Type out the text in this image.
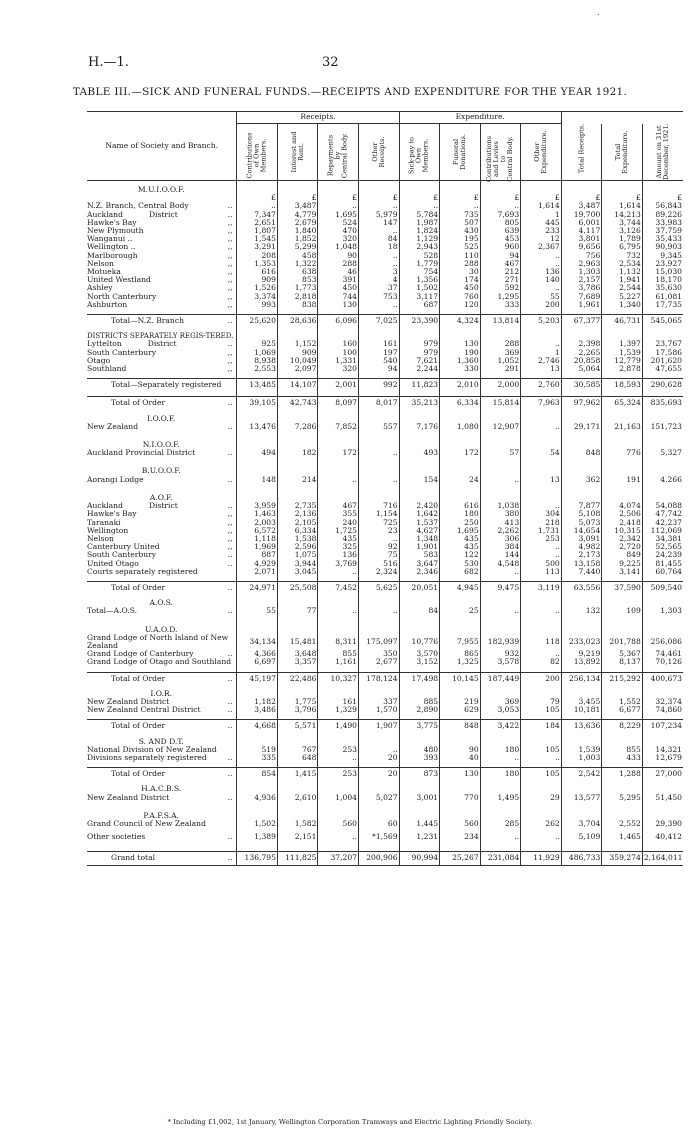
.
H.—1.	32
TABLE III.—SICK AND FUNERAL FUNDS.—RECEIPTS AND EXPENDITURE FOR THE YEAR 1921.
Name of Society and Branch.	Receipts.				Expenditure.						

	Contributions
of Own
Members.	Interest and
Rent.	Repayments
by
Central Body.	Other
Receipts.	Sick-pay to
Own
Members.	Funeral
Donations.	Contributions
and Levies
to
Central Body.	Other
Expenditure.	Total Receipts.	Total
Expenditure.	Amount on 31st
December, 1921.

M.U.I.O.O.F.											
	£	£	£	£	£	£	£	£	£	£	£
N.Z. Branch, Central Body ..	..	3,487	..	..	..	..	..	1,614	3,487	1,614	56,843
Auckland District ..	7,347	4,779	1,695	5,979	5,784	735	7,693	1	19,700	14,213	89,226
Hawke's Bay ,,	2,651	2,679	524	147	1,987	507	805	445	6,001	3,744	33,983
New Plymouth ,,	1,807	1,840	470	..	1,824	430	639	233	4,117	3,126	37,759
Wanganui .. ,,	1,545	1,852	320	84	1,129	195	453	12	3,801	1,789	35,433
Wellington .. ,,	3,291	5,299	1,048	18	2,943	525	960	2,367	9,656	6,795	90,903
Marlborough ,,	208	458	90	..	528	110	94	..	756	732	9,345
Nelson ,,	1,353	1,322	288	..	1,779	288	467	..	2,963	2,534	23,927
Motueka ,,	616	638	46	3	754	30	212	136	1,303	1,132	15,030
United Westland ,,	909	853	391	4	1,356	174	271	140	2,157	1,941	18,170
Ashley ,,	1,526	1,773	450	37	1,502	450	592	..	3,786	2,544	35,630
North Canterbury ,,	3,374	2,818	744	753	3,117	760	1,295	55	7,689	5,227	61,081
Ashburton ,,	993	838	130	..	687	120	333	200	1,961	1,340	17,735

Total—N.Z. Branch ..	25,620	28,636	6,096	7,025	23,390	4,324	13,814	5,203	67,377	46,731	545,065

DISTRICTS SEPARATELY REGIS-TERED.											
Lyttelton District ..	925	1,152	160	161	979	130	288	..	2,398	1,397	23,767
South Canterbury ,,	1,069	909	100	197	979	190	369	1	2,265	1,539	17,586
Otago ,,	8,938	10,049	1,331	540	7,621	1,360	1,052	2,746	20,858	12,779	201,620
Southland ,,	2,553	2,097	320	94	2,244	330	291	13	5,064	2,878	47,655

Total—Separately registered	13,485	14,107	2,001	992	11,823	2,010	2,000	2,760	30,585	18,593	290,628

Total of Order ..	39,105	42,743	8,097	8,017	35,213	6,334	15,814	7,963	97,962	65,324	835,693

I.O.O.F.											
New Zealand ..	13,476	7,286	7,852	557	7,176	1,080	12,907	..	29,171	21,163	151,723

N.I.O.O.F.											
Auckland Provincial District ..	494	182	172	..	493	172	57	54	848	776	5,327

B.U.O.O.F.											
Aorangi Lodge ..	148	214	..	..	154	24	..	13	362	191	4,266

A.O.F.											
Auckland District ..	3,959	2,735	467	716	2,420	616	1,038	..	7,877	4,074	54,088
Hawke's Bay ,,	1,463	2,136	355	1,154	1,642	180	380	304	5,108	2,506	47,742
Taranaki ,,	2,003	2,105	240	725	1,537	250	413	218	5,073	2,418	42,237
Wellington ,,	6,572	6,334	1,725	23	4,627	1,695	2,262	1,731	14,654	10,315	112,069
Nelson ,,	1,118	1,538	435	..	1,348	435	306	253	3,091	2,342	34,381
Canterbury United ,,	1,969	2,596	325	92	1,901	435	384	..	4,982	2,720	52,565
South Canterbury ..	887	1,075	136	75	583	122	144	..	2,173	849	24,239
United Otago ..	4,929	3,944	3,769	516	3,647	530	4,548	500	13,158	9,225	81,455
Courts separately registered	2,071	3,045	..	2,324	2,346	682	..	113	7,440	3,141	60,764

Total of Order ..	24,971	25,508	7,452	5,625	20,051	4,945	9,475	3,119	63,556	37,590	509,540

A.O.S.											
Total—A.O.S. ..	55	77	..	..	84	25	..	..	132	109	1,303

U.A.O.D.											
Grand Lodge of North Island of New Zealand	34,134	15,481	8,311	175,097	10,776	7,955	182,939	118	233,023	201,788	256,086
Grand Lodge of Canterbury ..	4,366	3,648	855	350	3,570	865	932	..	9,219	5,367	74,461
Grand Lodge of Otago and Southland	6,697	3,357	1,161	2,677	3,152	1,325	3,578	82	13,892	8,137	70,126

Total of Order ..	45,197	22,486	10,327	178,124	17,498	10,145	187,449	200	256,134	215,292	400,673

I.O.R.											
New Zealand District ..	1,182	1,775	161	337	885	219	369	79	3,455	1,552	32,374
New Zealand Central District ..	3,486	3,796	1,329	1,570	2,890	629	3,053	105	10,181	6,677	74,860

Total of Order ..	4,668	5,571	1,490	1,907	3,775	848	3,422	184	13,636	8,229	107,234

S. AND D.T.											
National Division of New Zealand	519	767	253	..	480	90	180	105	1,539	855	14,321
Divisions separately registered ..	335	648	..	20	393	40	..	..	1,003	433	12,679

Total of Order ..	854	1,415	253	20	873	130	180	105	2,542	1,288	27,000

H.A.C.B.S.											
New Zealand District ..	4,936	2,610	1,004	5,027	3,001	770	1,495	29	13,577	5,295	51,450

P.A.F.S.A.											
Grand Council of New Zealand	1,502	1,582	560	60	1,445	560	285	262	3,704	2,552	29,390

Other societies ..	1,389	2,151	..	*1,569	1,231	234	..	..	5,109	1,465	40,412

Grand total ..	136,795	111,825	37,207	200,906	90,994	25,267	231,084	11,929	486,733	359,274	2,164,011
* Including £1,002, 1st January, Wellington Corporation Tramways and Electric Lighting Friendly Society.
